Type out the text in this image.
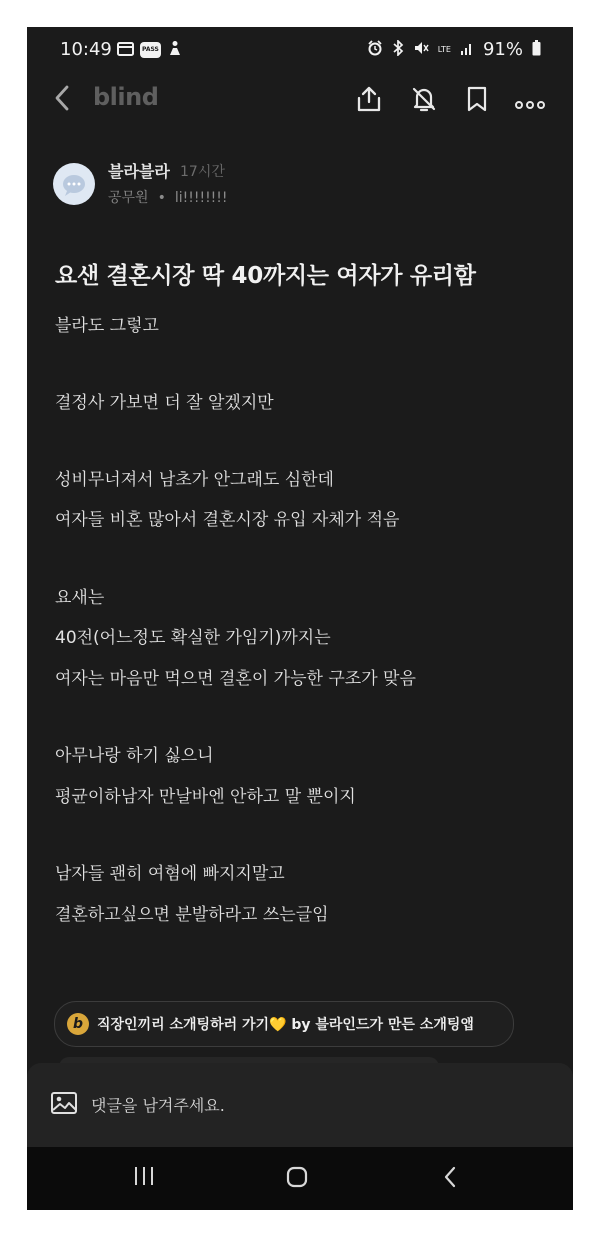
10:49	PASS	LTE 91%
blind
블라블라 17시간
공무원 • li!!!!!!!!
요샌 결혼시장 딱 40까지는 여자가 유리함
블라도 그렇고
결정사 가보면 더 잘 알겠지만
성비무너져서 남초가 안그래도 심한데
여자들 비혼 많아서 결혼시장 유입 자체가 적음
요새는
40전(어느정도 확실한 가임기)까지는
여자는 마음만 먹으면 결혼이 가능한 구조가 맞음
아무나랑 하기 싫으니
평균이하남자 만날바엔 안하고 말 뿐이지
남자들 괜히 여혐에 빠지지말고
결혼하고싶으면 분발하라고 쓰는글임
b 직장인끼리 소개팅하러 가기💛 by 블라인드가 만든 소개팅앱
댓글을 남겨주세요.
